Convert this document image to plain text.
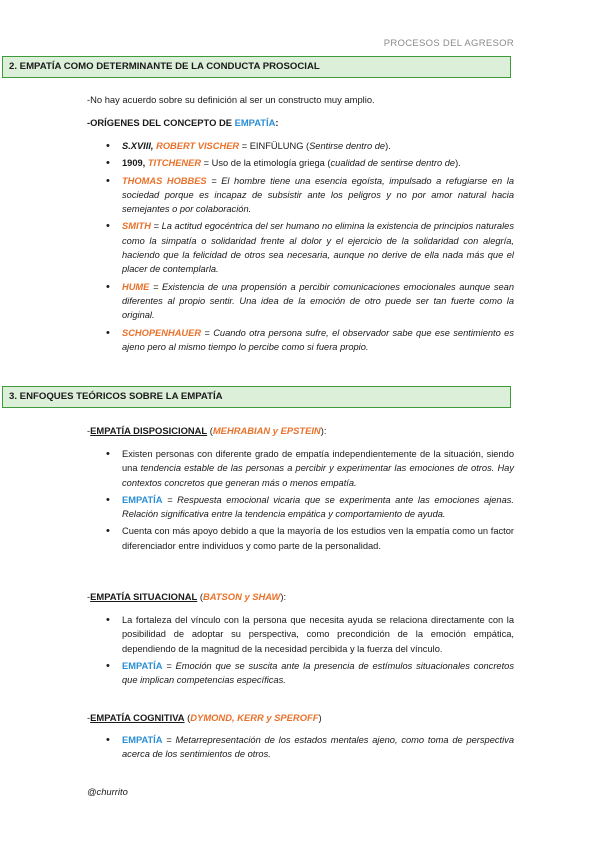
PROCESOS DEL AGRESOR
2. EMPATÍA COMO DETERMINANTE DE LA CONDUCTA PROSOCIAL
-No hay acuerdo sobre su definición al ser un constructo muy amplio.
-ORÍGENES DEL CONCEPTO DE EMPATÍA:
• S.XVIII, ROBERT VISCHER = EINFÜLUNG (Sentirse dentro de).
• 1909, TITCHENER = Uso de la etimología griega (cualidad de sentirse dentro de).
• THOMAS HOBBES = El hombre tiene una esencia egoísta, impulsado a refugiarse en la sociedad porque es incapaz de subsistir ante los peligros y no por amor natural hacia semejantes o por colaboración.
• SMITH = La actitud egocéntrica del ser humano no elimina la existencia de principios naturales como la simpatía o solidaridad frente al dolor y el ejercicio de la solidaridad con alegría, haciendo que la felicidad de otros sea necesaria, aunque no derive de ella nada más que el placer de contemplarla.
• HUME = Existencia de una propensión a percibir comunicaciones emocionales aunque sean diferentes al propio sentir. Una idea de la emoción de otro puede ser tan fuerte como la original.
• SCHOPENHAUER = Cuando otra persona sufre, el observador sabe que ese sentimiento es ajeno pero al mismo tiempo lo percibe como si fuera propio.
3. ENFOQUES TEÓRICOS SOBRE LA EMPATÍA
-EMPATÍA DISPOSICIONAL (MEHRABIAN y EPSTEIN):
• Existen personas con diferente grado de empatía independientemente de la situación, siendo una tendencia estable de las personas a percibir y experimentar las emociones de otros. Hay contextos concretos que generan más o menos empatía.
• EMPATÍA = Respuesta emocional vicaria que se experimenta ante las emociones ajenas. Relación significativa entre la tendencia empática y comportamiento de ayuda.
• Cuenta con más apoyo debido a que la mayoría de los estudios ven la empatía como un factor diferenciador entre individuos y como parte de la personalidad.
-EMPATÍA SITUACIONAL (BATSON y SHAW):
• La fortaleza del vínculo con la persona que necesita ayuda se relaciona directamente con la posibilidad de adoptar su perspectiva, como precondición de la emoción empática, dependiendo de la magnitud de la necesidad percibida y la fuerza del vínculo.
• EMPATÍA = Emoción que se suscita ante la presencia de estímulos situacionales concretos que implican competencias específicas.
-EMPATÍA COGNITIVA (DYMOND, KERR y SPEROFF)
• EMPATÍA = Metarrepresentación de los estados mentales ajeno, como toma de perspectiva acerca de los sentimientos de otros.
@churrito
